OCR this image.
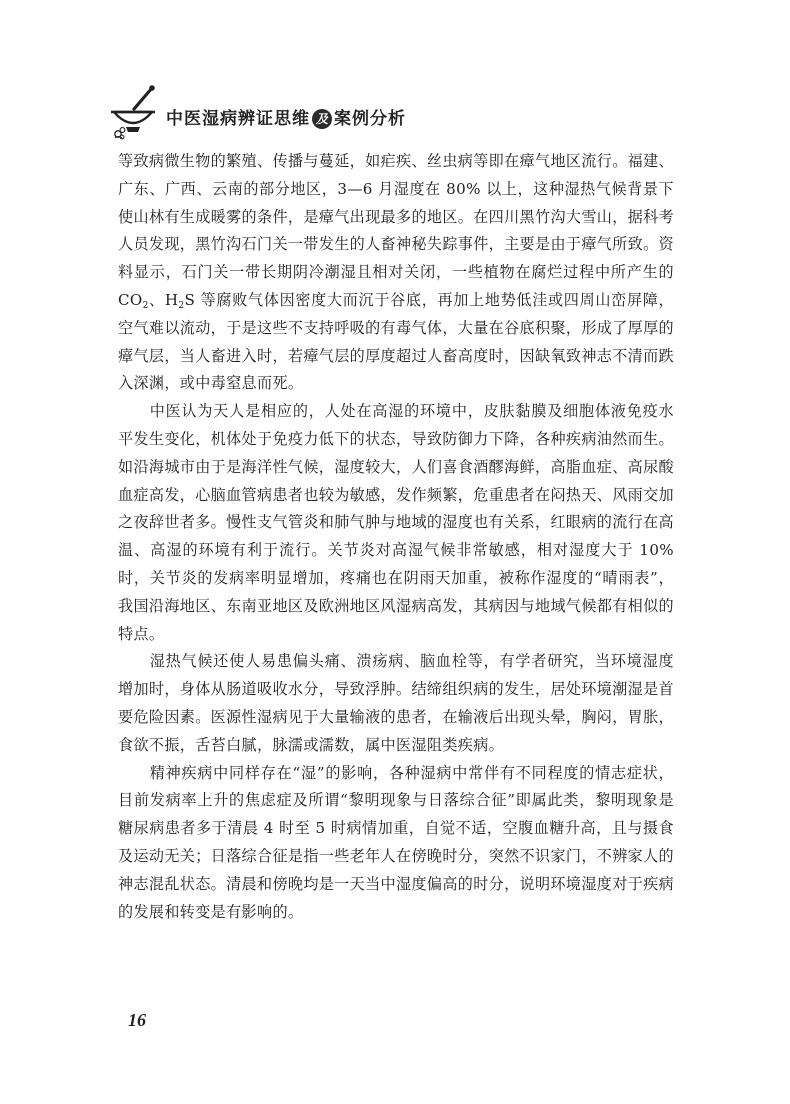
中医湿病辨证思维 及 案例分析

等致病微生物的繁殖、传播与蔓延，如疟疾、丝虫病等即在瘴气地区流行。福建、广东、广西、云南的部分地区，3—6 月湿度在 80% 以上，这种湿热气候背景下使山林有生成暖雾的条件，是瘴气出现最多的地区。在四川黑竹沟大雪山，据科考人员发现，黑竹沟石门关一带发生的人畜神秘失踪事件，主要是由于瘴气所致。资料显示，石门关一带长期阴冷潮湿且相对关闭，一些植物在腐烂过程中所产生的 $CO_2$、$H_2S$ 等腐败气体因密度大而沉于谷底，再加上地势低洼或四周山峦屏障，空气难以流动，于是这些不支持呼吸的有毒气体，大量在谷底积聚，形成了厚厚的瘴气层，当人畜进入时，若瘴气层的厚度超过人畜高度时，因缺氧致神志不清而跌入深渊，或中毒窒息而死。

中医认为天人是相应的，人处在高湿的环境中，皮肤黏膜及细胞体液免疫水平发生变化，机体处于免疫力低下的状态，导致防御力下降，各种疾病油然而生。如沿海城市由于是海洋性气候，湿度较大，人们喜食酒醪海鲜，高脂血症、高尿酸血症高发，心脑血管病患者也较为敏感，发作频繁，危重患者在闷热天、风雨交加之夜辞世者多。慢性支气管炎和肺气肿与地域的湿度也有关系，红眼病的流行在高温、高湿的环境有利于流行。关节炎对高湿气候非常敏感，相对湿度大于 10% 时，关节炎的发病率明显增加，疼痛也在阴雨天加重，被称作湿度的“晴雨表”，我国沿海地区、东南亚地区及欧洲地区风湿病高发，其病因与地域气候都有相似的特点。

湿热气候还使人易患偏头痛、溃疡病、脑血栓等，有学者研究，当环境湿度增加时，身体从肠道吸收水分，导致浮肿。结缔组织病的发生，居处环境潮湿是首要危险因素。医源性湿病见于大量输液的患者，在输液后出现头晕，胸闷，胃胀，食欲不振，舌苔白腻，脉濡或濡数，属中医湿阻类疾病。

精神疾病中同样存在“湿”的影响，各种湿病中常伴有不同程度的情志症状，目前发病率上升的焦虑症及所谓“黎明现象与日落综合征”即属此类，黎明现象是糖尿病患者多于清晨 4 时至 5 时病情加重，自觉不适，空腹血糖升高，且与摄食及运动无关；日落综合征是指一些老年人在傍晚时分，突然不识家门，不辨家人的神志混乱状态。清晨和傍晚均是一天当中湿度偏高的时分，说明环境湿度对于疾病的发展和转变是有影响的。

16
